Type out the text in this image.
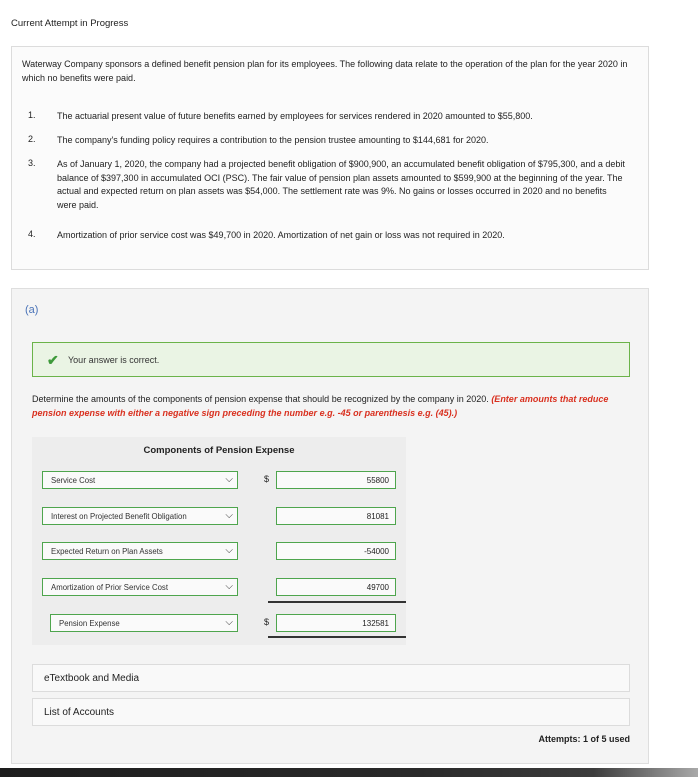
Current Attempt in Progress
Waterway Company sponsors a defined benefit pension plan for its employees. The following data relate to the operation of the plan for the year 2020 in which no benefits were paid.
1. The actuarial present value of future benefits earned by employees for services rendered in 2020 amounted to $55,800.
2. The company's funding policy requires a contribution to the pension trustee amounting to $144,681 for 2020.
3. As of January 1, 2020, the company had a projected benefit obligation of $900,900, an accumulated benefit obligation of $795,300, and a debit balance of $397,300 in accumulated OCI (PSC). The fair value of pension plan assets amounted to $599,900 at the beginning of the year. The actual and expected return on plan assets was $54,000. The settlement rate was 9%. No gains or losses occurred in 2020 and no benefits were paid.
4. Amortization of prior service cost was $49,700 in 2020. Amortization of net gain or loss was not required in 2020.
(a)
✔ Your answer is correct.
Determine the amounts of the components of pension expense that should be recognized by the company in 2020. (Enter amounts that reduce pension expense with either a negative sign preceding the number e.g. -45 or parenthesis e.g. (45).)
Components of Pension Expense
Service Cost	⌵	$	55800
Interest on Projected Benefit Obligation	⌵	81081
Expected Return on Plan Assets	⌵	-54000
Amortization of Prior Service Cost	⌵	49700
Pension Expense	⌵	$	132581
eTextbook and Media
List of Accounts
Attempts: 1 of 5 used
